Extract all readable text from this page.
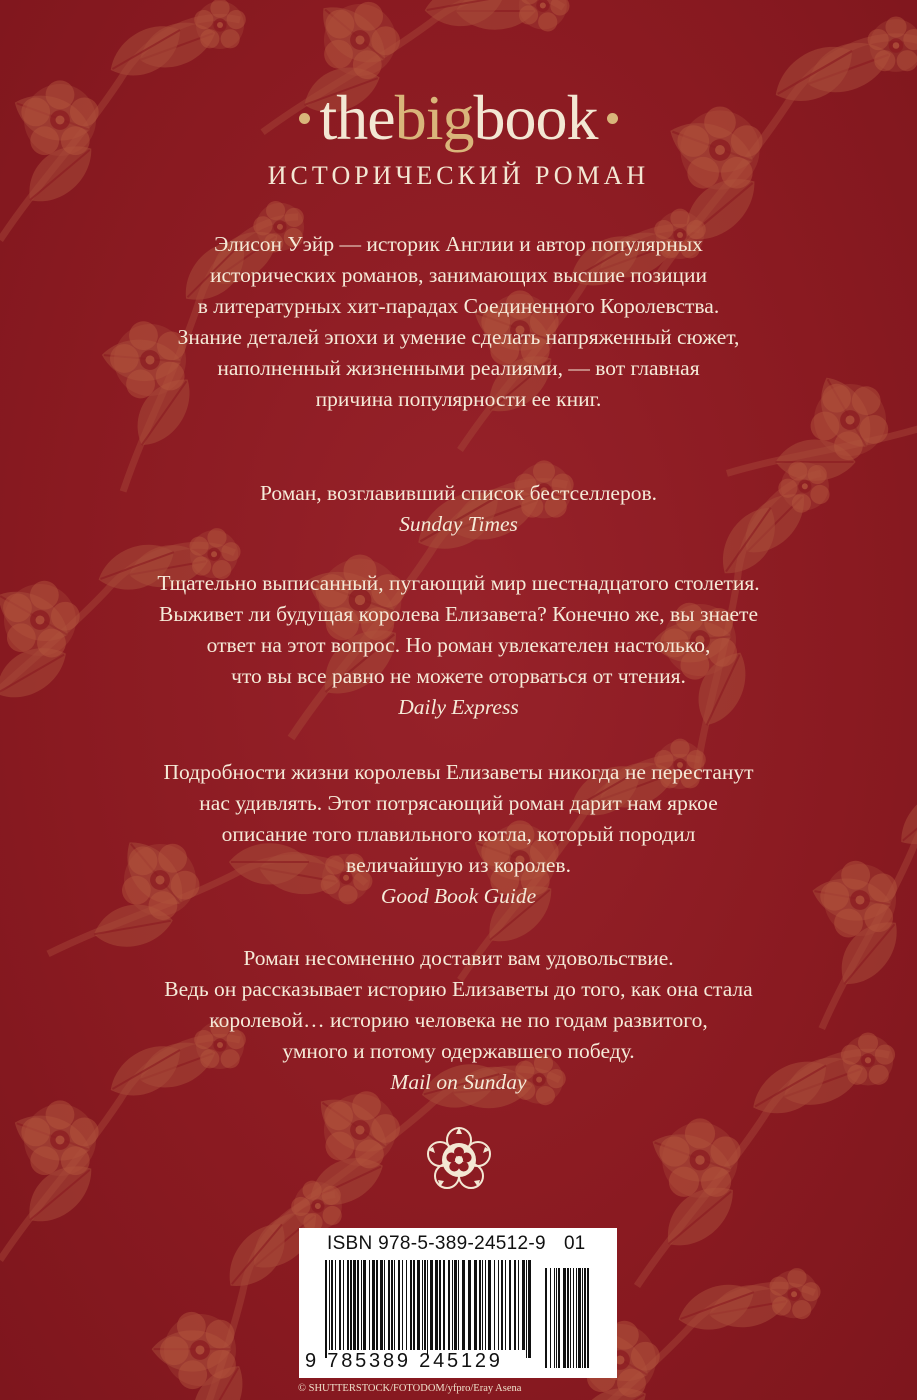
thebigbook
ИСТОРИЧЕСКИЙ РОМАН
Элисон Уэйр — историк Англии и автор популярных
исторических романов, занимающих высшие позиции
в литературных хит-парадах Соединенного Королевства.
Знание деталей эпохи и умение сделать напряженный сюжет,
наполненный жизненными реалиями, — вот главная
причина популярности ее книг.
Роман, возглавивший список бестселлеров.
Sunday Times
Тщательно выписанный, пугающий мир шестнадцатого столетия.
Выживет ли будущая королева Елизавета? Конечно же, вы знаете
ответ на этот вопрос. Но роман увлекателен настолько,
что вы все равно не можете оторваться от чтения.
Daily Express
Подробности жизни королевы Елизаветы никогда не перестанут
нас удивлять. Этот потрясающий роман дарит нам яркое
описание того плавильного котла, который породил
величайшую из королев.
Good Book Guide
Роман несомненно доставит вам удовольствие.
Ведь он рассказывает историю Елизаветы до того, как она стала
королевой… историю человека не по годам развитого,
умного и потому одержавшего победу.
Mail on Sunday
ISBN 978-5-389-24512-9 01
9 785389 245129
© SHUTTERSTOCK/FOTODOM/yfpro/Eray Asena
